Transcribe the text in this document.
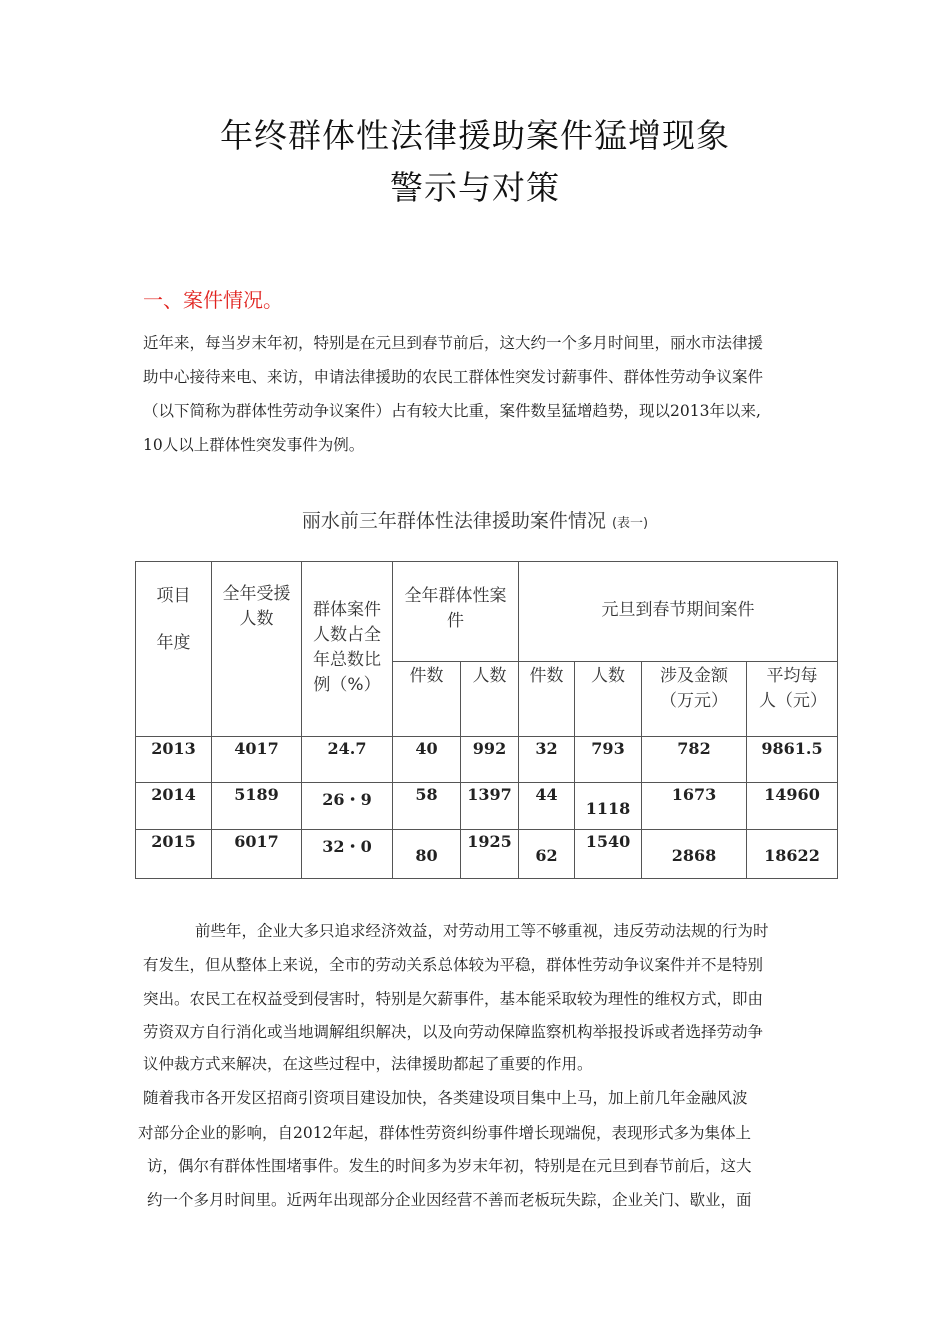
年终群体性法律援助案件猛增现象
警示与对策
一、案件情况。
近年来，每当岁末年初，特别是在元旦到春节前后，这大约一个多月时间里，丽水市法律援
助中心接待来电、来访，申请法律援助的农民工群体性突发讨薪事件、群体性劳动争议案件
（以下简称为群体性劳动争议案件）占有较大比重，案件数呈猛增趋势，现以2013年以来,
10人以上群体性突发事件为例。
丽水前三年群体性法律援助案件情况 (表一)
项目
年度	全年受援人数	群体案件人数占全年总数比例（%）	全年群体性案件		元旦到春节期间案件			

			件数	人数	件数	人数	涉及金额（万元）	平均每人（元）

2013	4017	24.7	40	992	32	793	782	9861.5

2014	5189	26・9	58	1397	44	1118	1673	14960

2015	6017	32・0	80	1925	62	1540	2868	18622
前些年，企业大多只追求经济效益，对劳动用工等不够重视，违反劳动法规的行为时
有发生，但从整体上来说，全市的劳动关系总体较为平稳，群体性劳动争议案件并不是特别
突出。农民工在权益受到侵害时，特别是欠薪事件，基本能采取较为理性的维权方式，即由
劳资双方自行消化或当地调解组织解决，以及向劳动保障监察机构举报投诉或者选择劳动争
议仲裁方式来解决，在这些过程中，法律援助都起了重要的作用。
随着我市各开发区招商引资项目建设加快，各类建设项目集中上马，加上前几年金融风波
对部分企业的影响，自2012年起，群体性劳资纠纷事件增长现端倪，表现形式多为集体上
访，偶尔有群体性围堵事件。发生的时间多为岁末年初，特别是在元旦到春节前后，这大
约一个多月时间里。近两年出现部分企业因经营不善而老板玩失踪，企业关门、歇业，面
